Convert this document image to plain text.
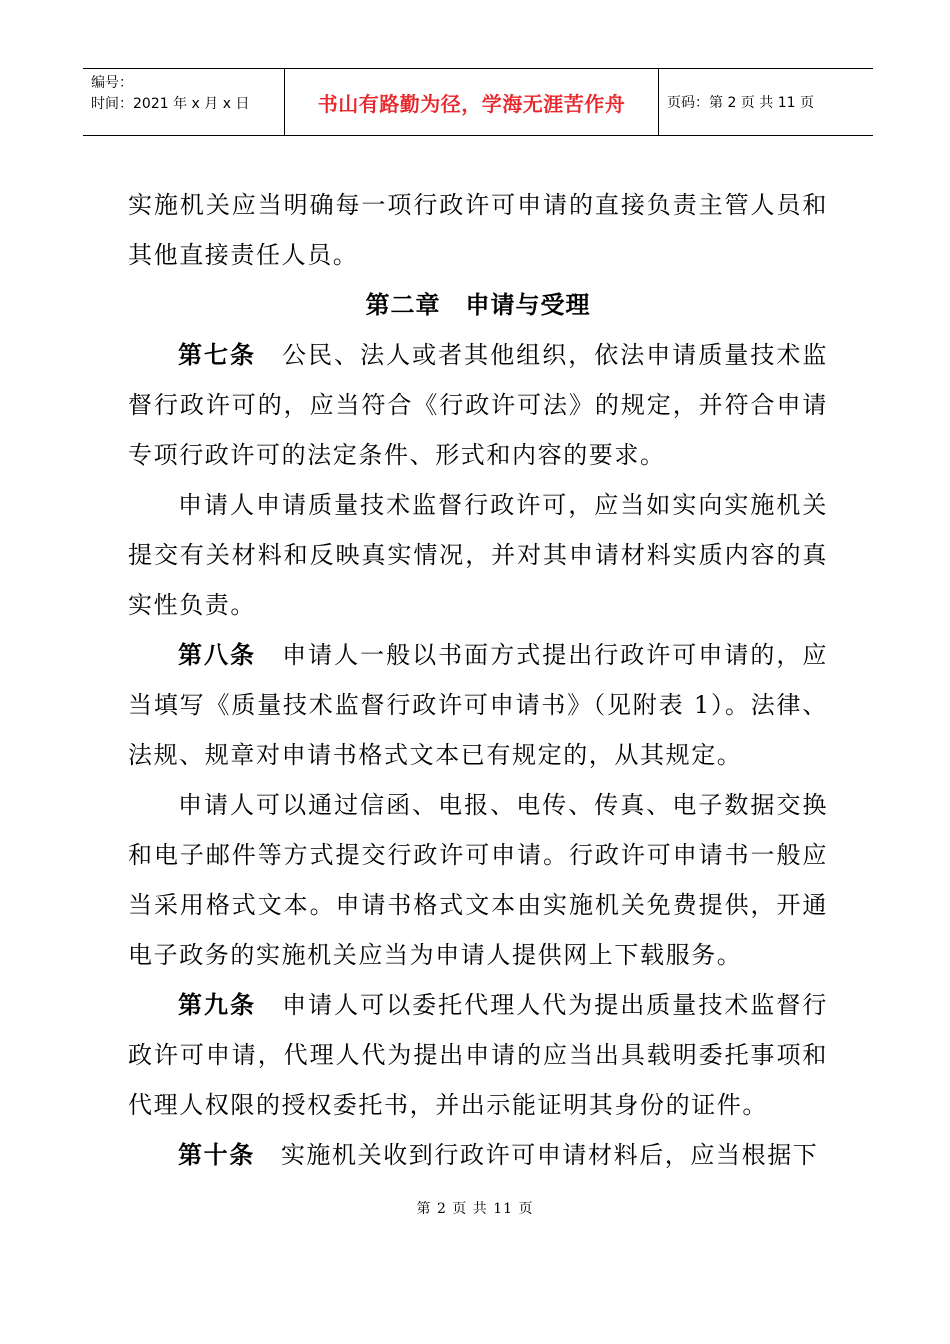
编号：
时间：2021 年 x 月 x 日	书山有路勤为径，学海无涯苦作舟	页码：第 2 页 共 11 页

实施机关应当明确每一项行政许可申请的直接负责主管人员和其他直接责任人员。

第二章　申请与受理

第七条 公民、法人或者其他组织，依法申请质量技术监督行政许可的，应当符合《行政许可法》的规定，并符合申请专项行政许可的法定条件、形式和内容的要求。

申请人申请质量技术监督行政许可，应当如实向实施机关提交有关材料和反映真实情况，并对其申请材料实质内容的真实性负责。

第八条 申请人一般以书面方式提出行政许可申请的，应当填写《质量技术监督行政许可申请书》（见附表 1）。法律、法规、规章对申请书格式文本已有规定的，从其规定。

申请人可以通过信函、电报、电传、传真、电子数据交换和电子邮件等方式提交行政许可申请。行政许可申请书一般应当采用格式文本。申请书格式文本由实施机关免费提供，开通电子政务的实施机关应当为申请人提供网上下载服务。

第九条 申请人可以委托代理人代为提出质量技术监督行政许可申请，代理人代为提出申请的应当出具载明委托事项和代理人权限的授权委托书，并出示能证明其身份的证件。

第十条 实施机关收到行政许可申请材料后，应当根据下

第 2 页 共 11 页
